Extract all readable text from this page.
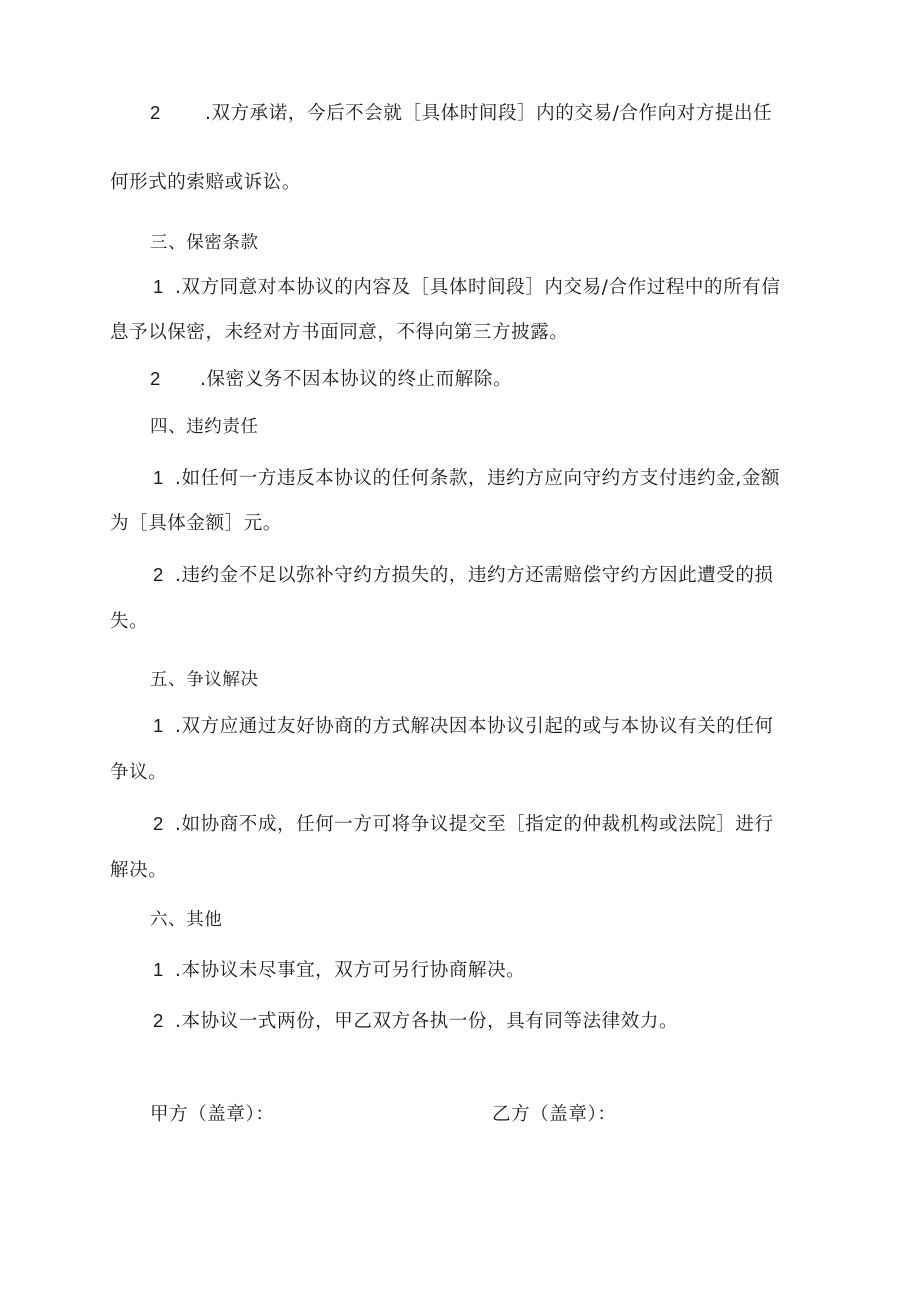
2 .双方承诺，今后不会就［具体时间段］内的交易/合作向对方提出任
何形式的索赔或诉讼。
三、保密条款
1 .双方同意对本协议的内容及［具体时间段］内交易/合作过程中的所有信
息予以保密，未经对方书面同意，不得向第三方披露。
2 .保密义务不因本协议的终止而解除。
四、违约责任
1 .如任何一方违反本协议的任何条款，违约方应向守约方支付违约金,金额
为［具体金额］元。
2 .违约金不足以弥补守约方损失的，违约方还需赔偿守约方因此遭受的损
失。
五、争议解决
1 .双方应通过友好协商的方式解决因本协议引起的或与本协议有关的任何
争议。
2 .如协商不成，任何一方可将争议提交至［指定的仲裁机构或法院］进行
解决。
六、其他
1 .本协议未尽事宜，双方可另行协商解决。
2 .本协议一式两份，甲乙双方各执一份，具有同等法律效力。
甲方（盖章）：	乙方（盖章）：
